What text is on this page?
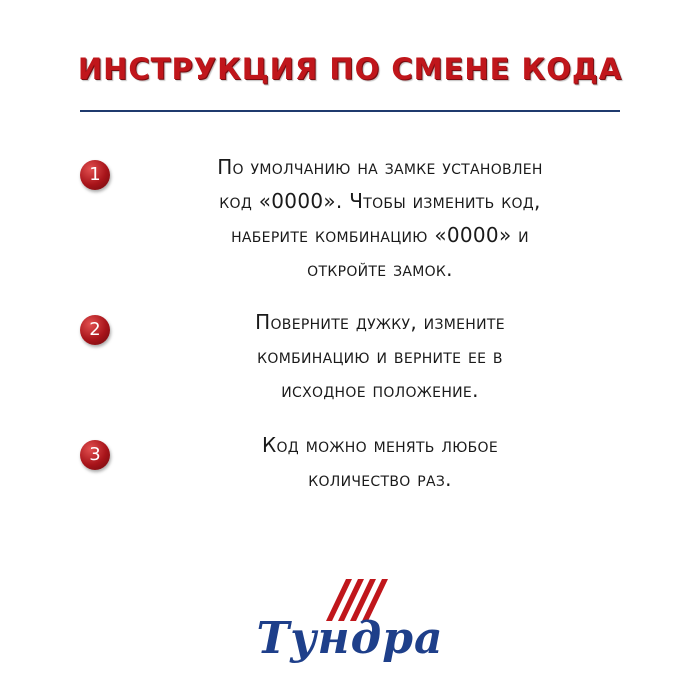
ИНСТРУКЦИЯ ПО СМЕНЕ КОДА
1	По умолчанию на замке установлен
код «0000». Чтобы изменить код,
наберите комбинацию «0000» и
откройте замок.
2	Поверните дужку, измените
комбинацию и верните ее в
исходное положение.
3	Код можно менять любое
количество раз.
Тундра
